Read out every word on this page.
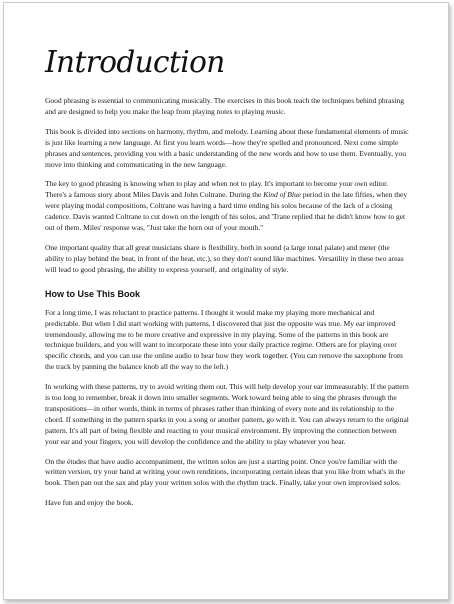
Introduction

Good phrasing is essential to communicating musically. The exercises in this book teach the techniques behind phrasing and are designed to help you make the leap from playing notes to playing music.

This book is divided into sections on harmony, rhythm, and melody. Learning about these fundamental elements of music is just like learning a new language. At first you learn words—how they're spelled and pronounced. Next come simple phrases and sentences, providing you with a basic understanding of the new words and how to use them. Eventually, you move into thinking and communicating in the new language.

The key to good phrasing is knowing when to play and when not to play. It's important to become your own editor. There's a famous story about Miles Davis and John Coltrane. During the Kind of Blue period in the late fifties, when they were playing modal compositions, Coltrane was having a hard time ending his solos because of the lack of a closing cadence. Davis wanted Coltrane to cut down on the length of his solos, and 'Trane replied that he didn't know how to get out of them. Miles' response was, "Just take the horn out of your mouth."

One important quality that all great musicians share is flexibility, both in sound (a large tonal palate) and meter (the ability to play behind the beat, in front of the beat, etc.), so they don't sound like machines. Versatility in these two areas will lead to good phrasing, the ability to express yourself, and originality of style.

How to Use This Book

For a long time, I was reluctant to practice patterns. I thought it would make my playing more mechanical and predictable. But when I did start working with patterns, I discovered that just the opposite was true. My ear improved tremendously, allowing me to be more creative and expressive in my playing. Some of the patterns in this book are technique builders, and you will want to incorporate these into your daily practice regime. Others are for playing over specific chords, and you can use the online audio to hear how they work together. (You can remove the saxophone from the track by panning the balance knob all the way to the left.)

In working with these patterns, try to avoid writing them out. This will help develop your ear immeasurably. If the pattern is too long to remember, break it down into smaller segments. Work toward being able to sing the phrases through the transpositions—in other words, think in terms of phrases rather than thinking of every note and its relationship to the chord. If something in the pattern sparks in you a song or another pattern, go with it. You can always return to the original pattern. It's all part of being flexible and reacting to your musical environment. By improving the connection between your ear and your fingers, you will develop the confidence and the ability to play whatever you hear.

On the études that have audio accompaniment, the written solos are just a starting point. Once you're familiar with the written version, try your hand at writing your own renditions, incorporating certain ideas that you like from what's in the book. Then pan out the sax and play your written solos with the rhythm track. Finally, take your own improvised solos.

Have fun and enjoy the book.
